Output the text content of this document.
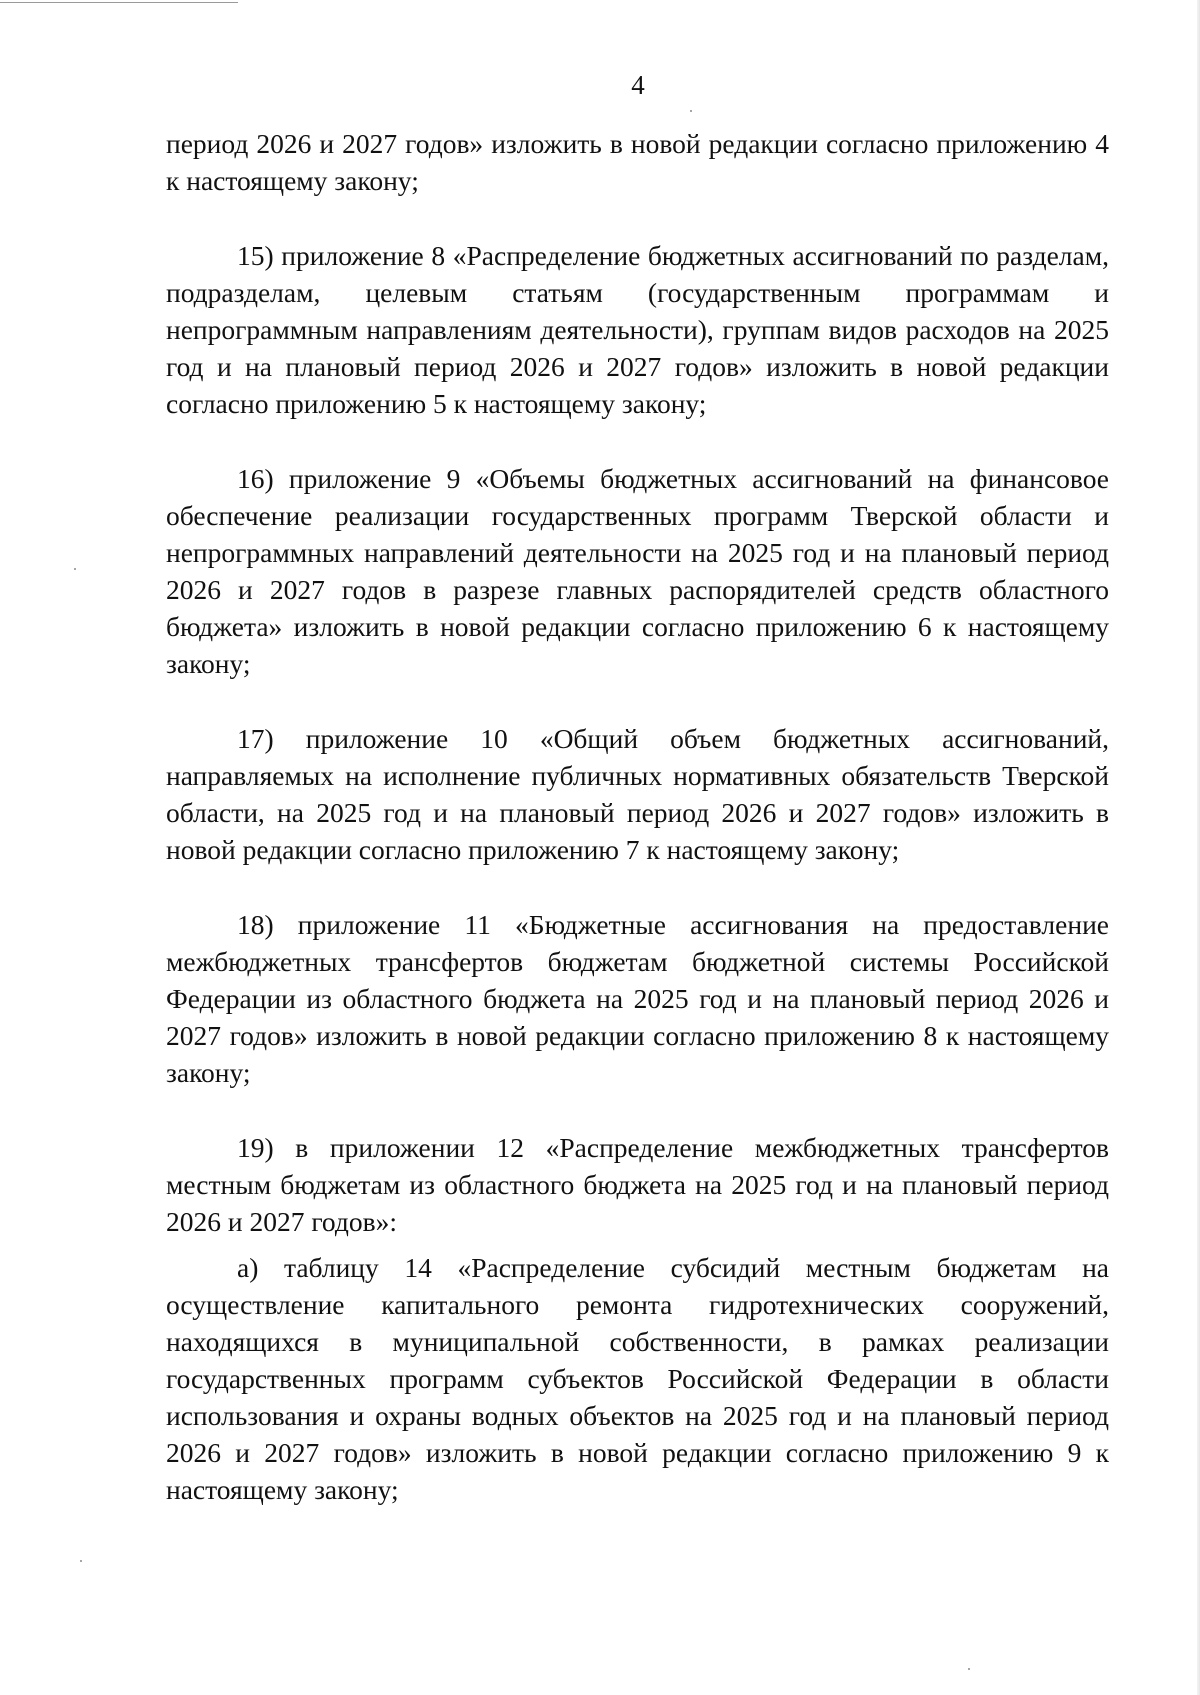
4

период 2026 и 2027 годов» изложить в новой редакции согласно приложению 4 к настоящему закону;

15) приложение 8 «Распределение бюджетных ассигнований по разделам, подразделам, целевым статьям (государственным программам и непрограммным направлениям деятельности), группам видов расходов на 2025 год и на плановый период 2026 и 2027 годов» изложить в новой редакции согласно приложению 5 к настоящему закону;

16) приложение 9 «Объемы бюджетных ассигнований на финансовое обеспечение реализации государственных программ Тверской области и непрограммных направлений деятельности на 2025 год и на плановый период 2026 и 2027 годов в разрезе главных распорядителей средств областного бюджета» изложить в новой редакции согласно приложению 6 к настоящему закону;

17) приложение 10 «Общий объем бюджетных ассигнований, направляемых на исполнение публичных нормативных обязательств Тверской области, на 2025 год и на плановый период 2026 и 2027 годов» изложить в новой редакции согласно приложению 7 к настоящему закону;

18) приложение 11 «Бюджетные ассигнования на предоставление межбюджетных трансфертов бюджетам бюджетной системы Российской Федерации из областного бюджета на 2025 год и на плановый период 2026 и 2027 годов» изложить в новой редакции согласно приложению 8 к настоящему закону;

19) в приложении 12 «Распределение межбюджетных трансфертов местным бюджетам из областного бюджета на 2025 год и на плановый период 2026 и 2027 годов»:

а) таблицу 14 «Распределение субсидий местным бюджетам на осуществление капитального ремонта гидротехнических сооружений, находящихся в муниципальной собственности, в рамках реализации государственных программ субъектов Российской Федерации в области использования и охраны водных объектов на 2025 год и на плановый период 2026 и 2027 годов» изложить в новой редакции согласно приложению 9 к настоящему закону;
